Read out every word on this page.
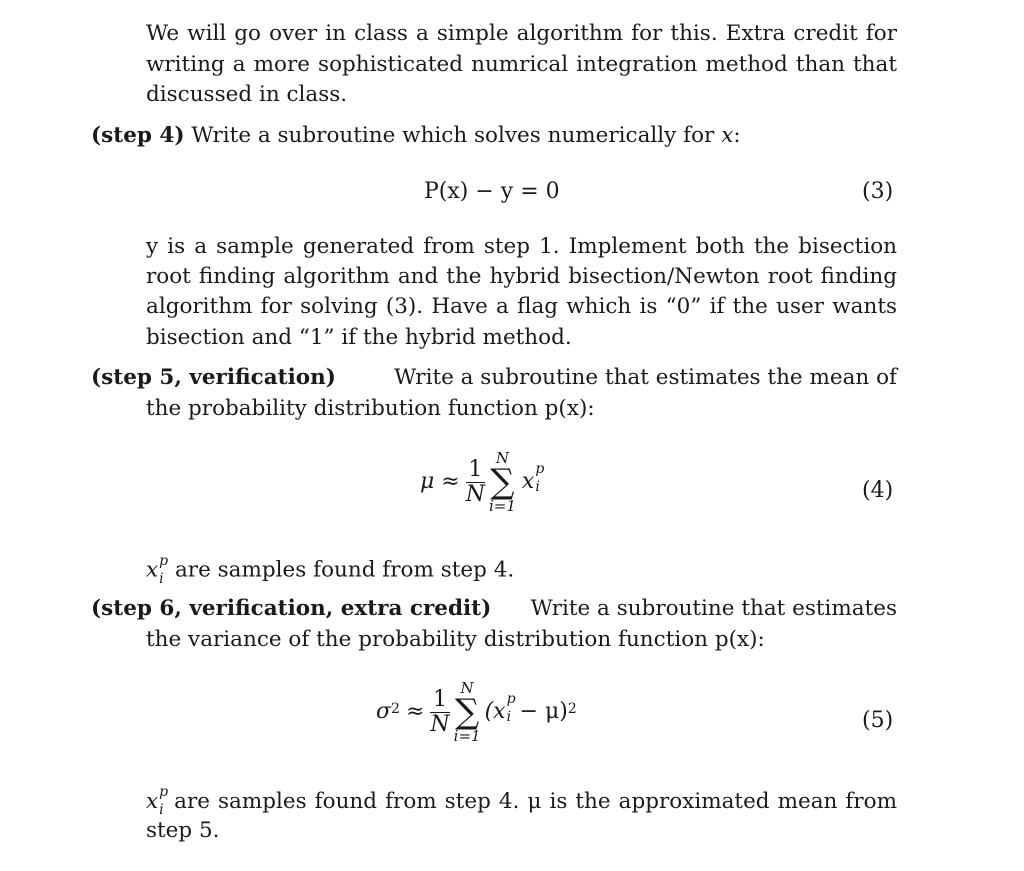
We will go over in class a simple algorithm for this. Extra credit for
writing a more sophisticated numrical integration method than that
discussed in class.
(step 4) Write a subroutine which solves numerically for x:
P(x) − y = 0	(3)
y is a sample generated from step 1. Implement both the bisection
root finding algorithm and the hybrid bisection/Newton root finding
algorithm for solving (3). Have a flag which is “0” if the user wants
bisection and “1” if the hybrid method.
(step 5, verification)	Write a subroutine that estimates the mean of
the probability distribution function p(x):
$\mu \approx \frac{1}{N}$ N
∑
i=1
x p
i	(4)
x p
i are samples found from step 4.
(step 6, verification, extra credit) Write a subroutine that estimates
the variance of the probability distribution function p(x):
σ $2 \approx \frac{1}{N}$ N
∑
i=1
(x p
i − μ) 2	(5)
x p
i are samples found from step 4. μ is the approximated mean from
step 5.
